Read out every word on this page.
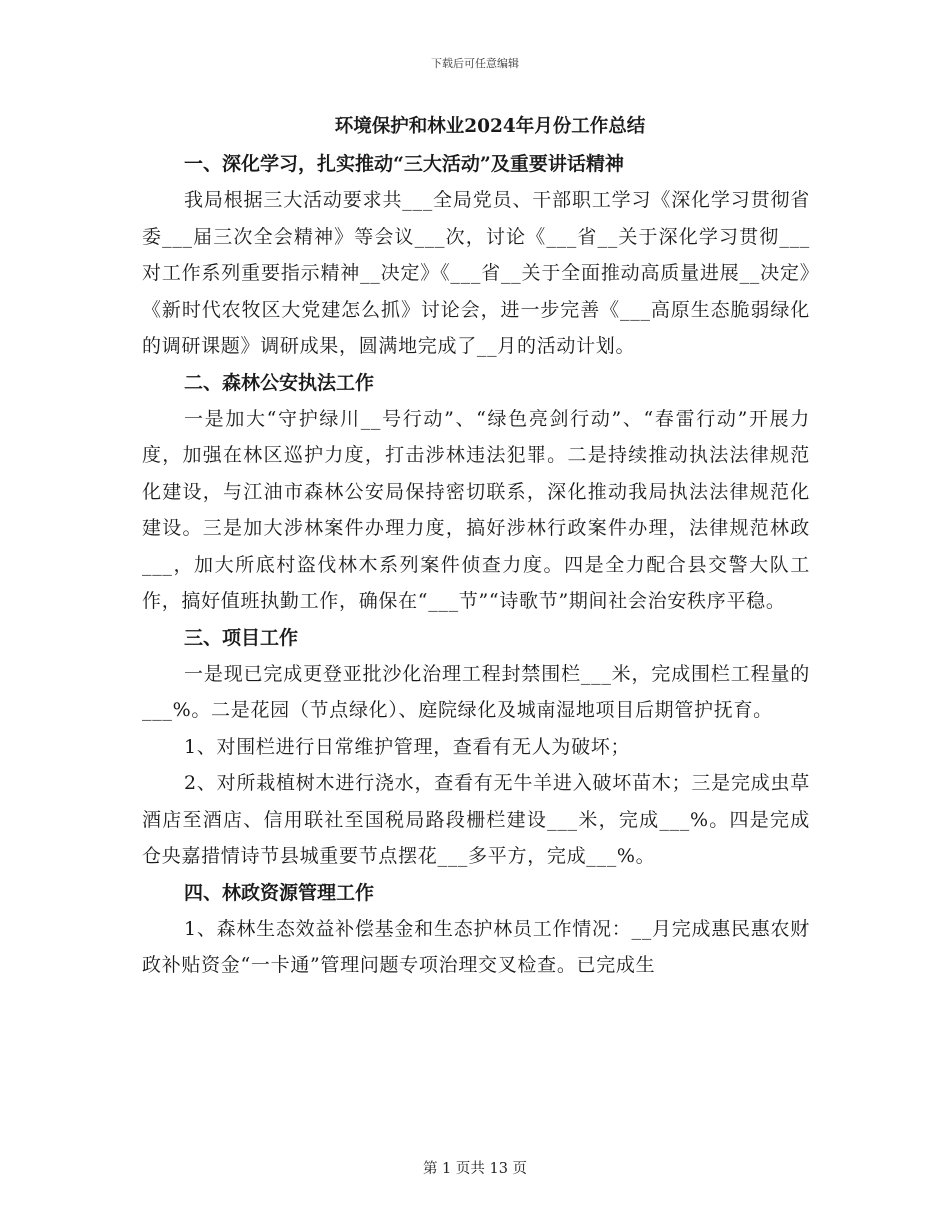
下载后可任意编辑
环境保护和林业2024年月份工作总结
一、深化学习，扎实推动“三大活动”及重要讲话精神

我局根据三大活动要求共___全局党员、干部职工学习《深化学习贯彻省委___届三次全会精神》等会议___次，讨论《___省__关于深化学习贯彻___对工作系列重要指示精神__决定》《___省__关于全面推动高质量进展__决定》《新时代农牧区大党建怎么抓》讨论会，进一步完善《___高原生态脆弱绿化的调研课题》调研成果，圆满地完成了__月的活动计划。

二、森林公安执法工作

一是加大“守护绿川__号行动”、“绿色亮剑行动”、“春雷行动”开展力度，加强在林区巡护力度，打击涉林违法犯罪。二是持续推动执法法律规范化建设，与江油市森林公安局保持密切联系，深化推动我局执法法律规范化建设。三是加大涉林案件办理力度，搞好涉林行政案件办理，法律规范林政___，加大所底村盗伐林木系列案件侦查力度。四是全力配合县交警大队工作，搞好值班执勤工作，确保在“___节”“诗歌节”期间社会治安秩序平稳。

三、项目工作

一是现已完成更登亚批沙化治理工程封禁围栏___米，完成围栏工程量的___%。二是花园（节点绿化）、庭院绿化及城南湿地项目后期管护抚育。

1、对围栏进行日常维护管理，查看有无人为破坏；

2、对所栽植树木进行浇水，查看有无牛羊进入破坏苗木；三是完成虫草酒店至酒店、信用联社至国税局路段栅栏建设___米，完成___%。四是完成仓央嘉措情诗节县城重要节点摆花___多平方，完成___%。

四、林政资源管理工作

1、森林生态效益补偿基金和生态护林员工作情况：__月完成惠民惠农财政补贴资金“一卡通”管理问题专项治理交叉检查。已完成生

第 1 页共 13 页
